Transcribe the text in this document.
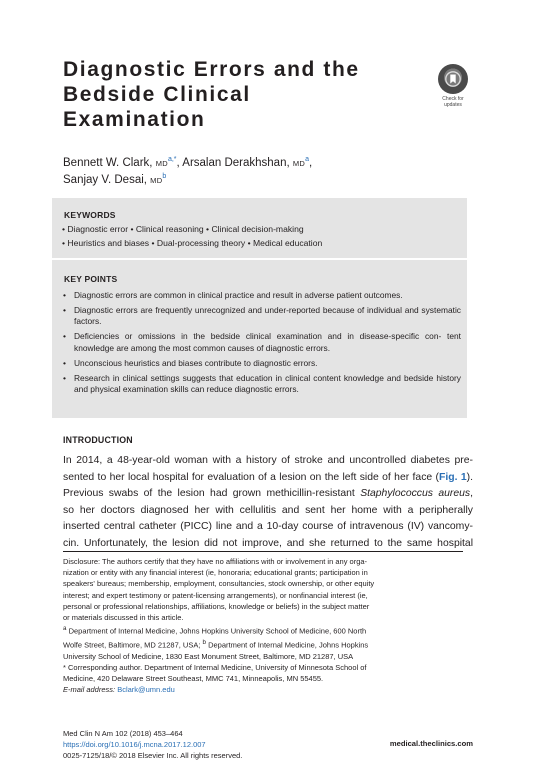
Diagnostic Errors and the
Bedside Clinical
Examination
Check for
updates
Bennett W. Clark, $MD^{a,*}$, Arsalan Derakhshan, $MD^a$,
Sanjay V. Desai, $MD^b$
KEYWORDS
• Diagnostic error • Clinical reasoning • Clinical decision-making
• Heuristics and biases • Dual-processing theory • Medical education
KEY POINTS
• Diagnostic errors are common in clinical practice and result in adverse patient outcomes.
• Diagnostic errors are frequently unrecognized and under-reported because of individual and systematic factors.
• Deficiencies or omissions in the bedside clinical examination and in disease-specific con- tent knowledge are among the most common causes of diagnostic errors.
• Unconscious heuristics and biases contribute to diagnostic errors.
• Research in clinical settings suggests that education in clinical content knowledge and bedside history and physical examination skills can reduce diagnostic errors.
INTRODUCTION
In 2014, a 48-year-old woman with a history of stroke and uncontrolled diabetes pre-
sented to her local hospital for evaluation of a lesion on the left side of her face (Fig. 1).
Previous swabs of the lesion had grown methicillin-resistant Staphylococcus aureus,
so her doctors diagnosed her with cellulitis and sent her home with a peripherally
inserted central catheter (PICC) line and a 10-day course of intravenous (IV) vancomy-
cin. Unfortunately, the lesion did not improve, and she returned to the same hospital
Disclosure: The authors certify that they have no affiliations with or involvement in any orga-
nization or entity with any financial interest (ie, honoraria; educational grants; participation in
speakers' bureaus; membership, employment, consultancies, stock ownership, or other equity
interest; and expert testimony or patent-licensing arrangements), or nonfinancial interest (ie,
personal or professional relationships, affiliations, knowledge or beliefs) in the subject matter
or materials discussed in this article.
$^a$ Department of Internal Medicine, Johns Hopkins University School of Medicine, 600 North
Wolfe Street, Baltimore, MD 21287, USA; $^b$ Department of Internal Medicine, Johns Hopkins
University School of Medicine, 1830 East Monument Street, Baltimore, MD 21287, USA
* Corresponding author. Department of Internal Medicine, University of Minnesota School of
Medicine, 420 Delaware Street Southeast, MMC 741, Minneapolis, MN 55455.
E-mail address: Bclark@umn.edu
Med Clin N Am 102 (2018) 453–464
https://doi.org/10.1016/j.mcna.2017.12.007
0025-7125/18/© 2018 Elsevier Inc. All rights reserved.
medical.theclinics.com
